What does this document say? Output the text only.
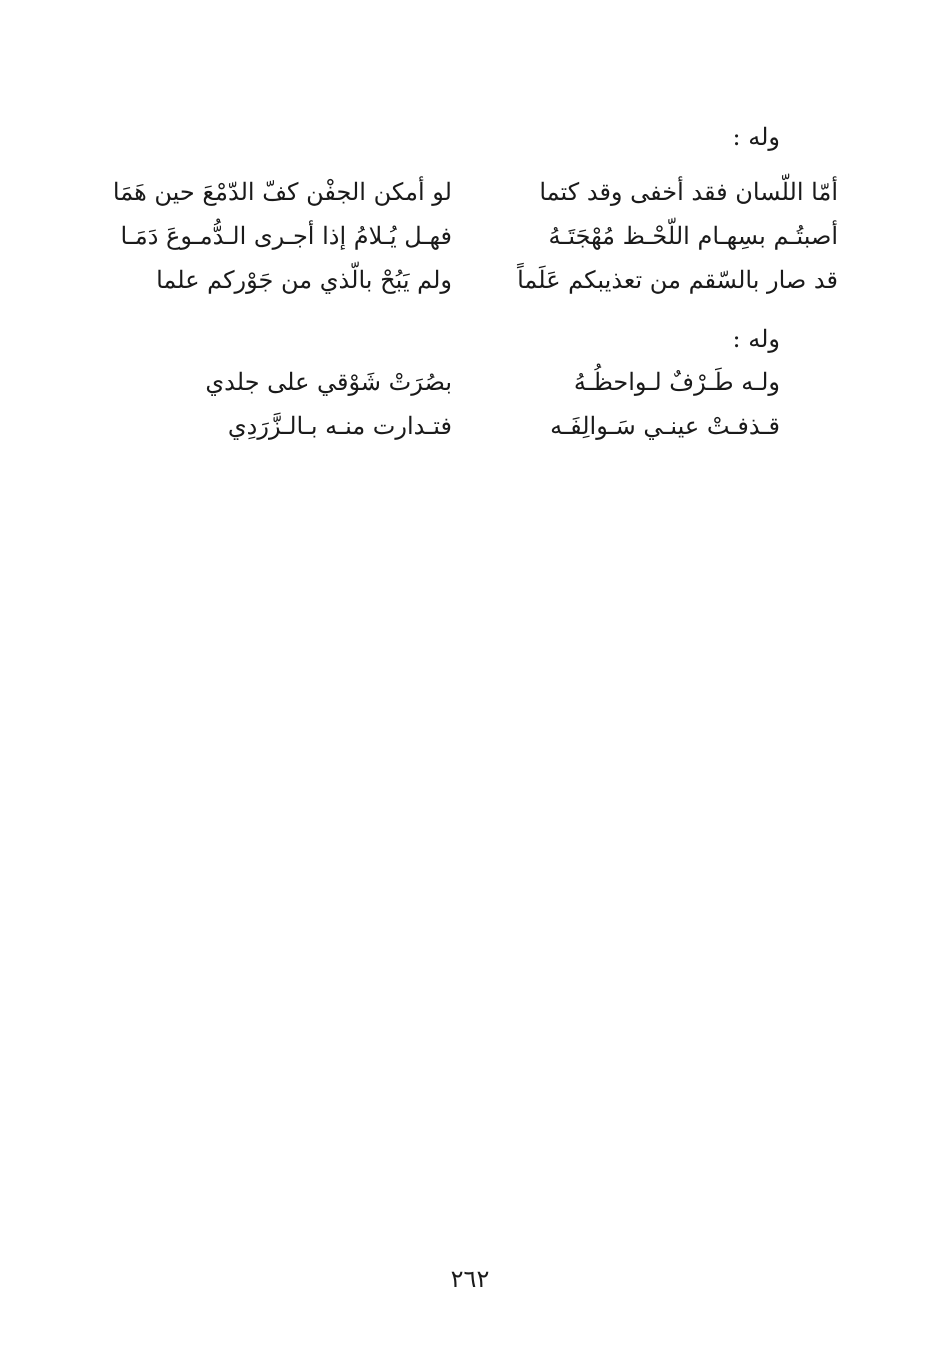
وله :
أمّا اللّسان فقد أخفى وقد كتما
لو أمكن الجفْن كفّ الدّمْعَ حين هَمَا
أصبتُـم بسِهـام اللّحْـظ مُهْجَتَـهُ
فهـل يُـلامُ إذا أجـرى الـدُّمـوعَ دَمَـا
قد صار بالسّقم من تعذيبكم عَلَماً
ولم يَبُحْ بالّذي من جَوْركم علما
وله :
ولـه طَـرْفٌ لـواحظُـهُ
بصُرَتْ شَوْقي على جلدي
قـذفـتْ عينـي سَـوالِفَـه
فتـدارت منـه بـالـزَّرَدِي
٢٦٢
